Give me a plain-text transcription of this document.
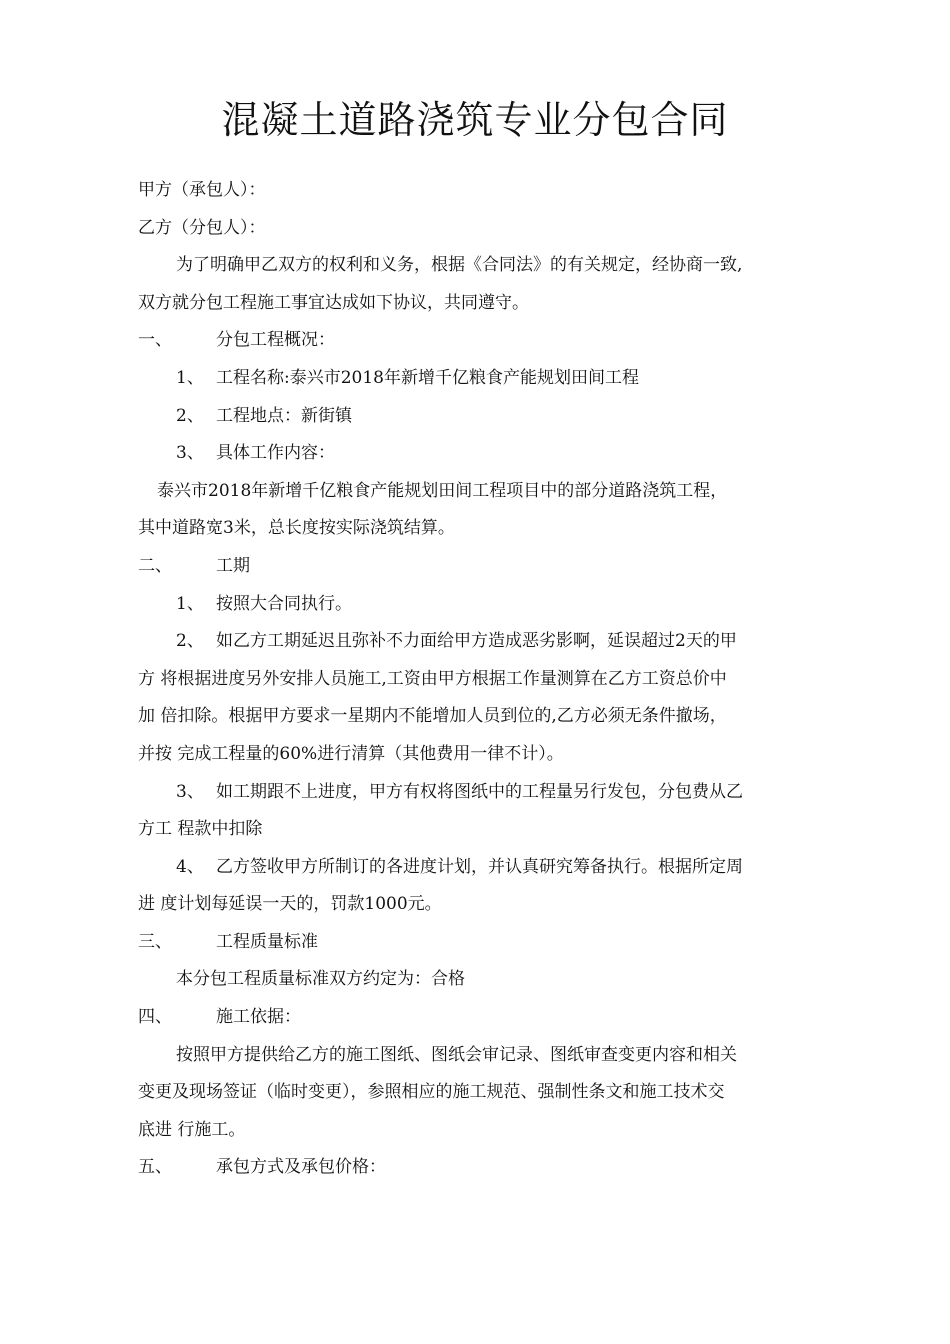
混凝土道路浇筑专业分包合同

甲方（承包人）：

乙方（分包人）：

为了明确甲乙双方的权利和义务，根据《合同法》的有关规定，经协商一致,

双方就分包工程施工事宜达成如下协议，共同遵守。

一、	分包工程概况：

1、 工程名称:泰兴市2018年新增千亿粮食产能规划田间工程

2、 工程地点：新街镇

3、 具体工作内容：

泰兴市2018年新增千亿粮食产能规划田间工程项目中的部分道路浇筑工程，

其中道路宽3米，总长度按实际浇筑结算。

二、	工期

1、 按照大合同执行。

2、 如乙方工期延迟且弥补不力面给甲方造成恶劣影啊，延误超过2天的甲

方 将根据进度另外安排人员施工,工资由甲方根据工作量测算在乙方工资总价中

加 倍扣除。根据甲方要求一星期内不能增加人员到位的,乙方必须无条件撤场，

并按 完成工程量的60%进行清算（其他费用一律不计）。

3、 如工期跟不上进度，甲方有权将图纸中的工程量另行发包，分包费从乙

方工 程款中扣除

4、 乙方签收甲方所制订的各进度计划，并认真研究筹备执行。根据所定周

进 度计划每延误一天的，罚款1000元。

三、	工程质量标准

本分包工程质量标准双方约定为：合格

四、	施工依据：

按照甲方提供给乙方的施工图纸、图纸会审记录、图纸审查变更内容和相关

变更及现场签证（临时变更），参照相应的施工规范、强制性条文和施工技术交

底进 行施工。

五、	承包方式及承包价格：
